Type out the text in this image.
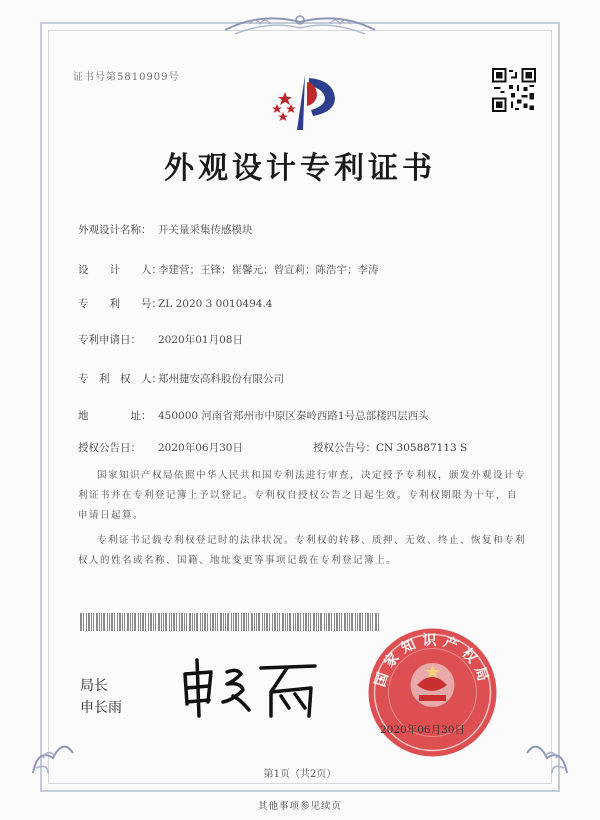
证书号第5810909号
外观设计专利证书
外观设计名称： 开关量采集传感模块
设　　计　　人：李建营；王锋；崔馨元；曾宣莉；陈浩宇；李涛
专　　利　　号：ZL 2020 3 0010494.4
专利申请日： 2020年01月08日
专　利　权　人：郑州捷安高科股份有限公司
地　　　　址： 450000 河南省郑州市中原区秦岭西路1号总部楼四层西头
授权公告日： 2020年06月30日	授权公告号：CN 305887113 S
国家知识产权局依照中华人民共和国专利法进行审查，决定授予专利权，颁发外观设计专利证书并在专利登记簿上予以登记。专利权自授权公告之日起生效。专利权期限为十年，自申请日起算。
专利证书记载专利权登记时的法律状况。专利权的转移、质押、无效、终止、恢复和专利权人的姓名或名称、国籍、地址变更等事项记载在专利登记簿上。
局长
申长雨
国家知识产权局
2020年06月30日
第1页（共2页）
其他事项参见续页
